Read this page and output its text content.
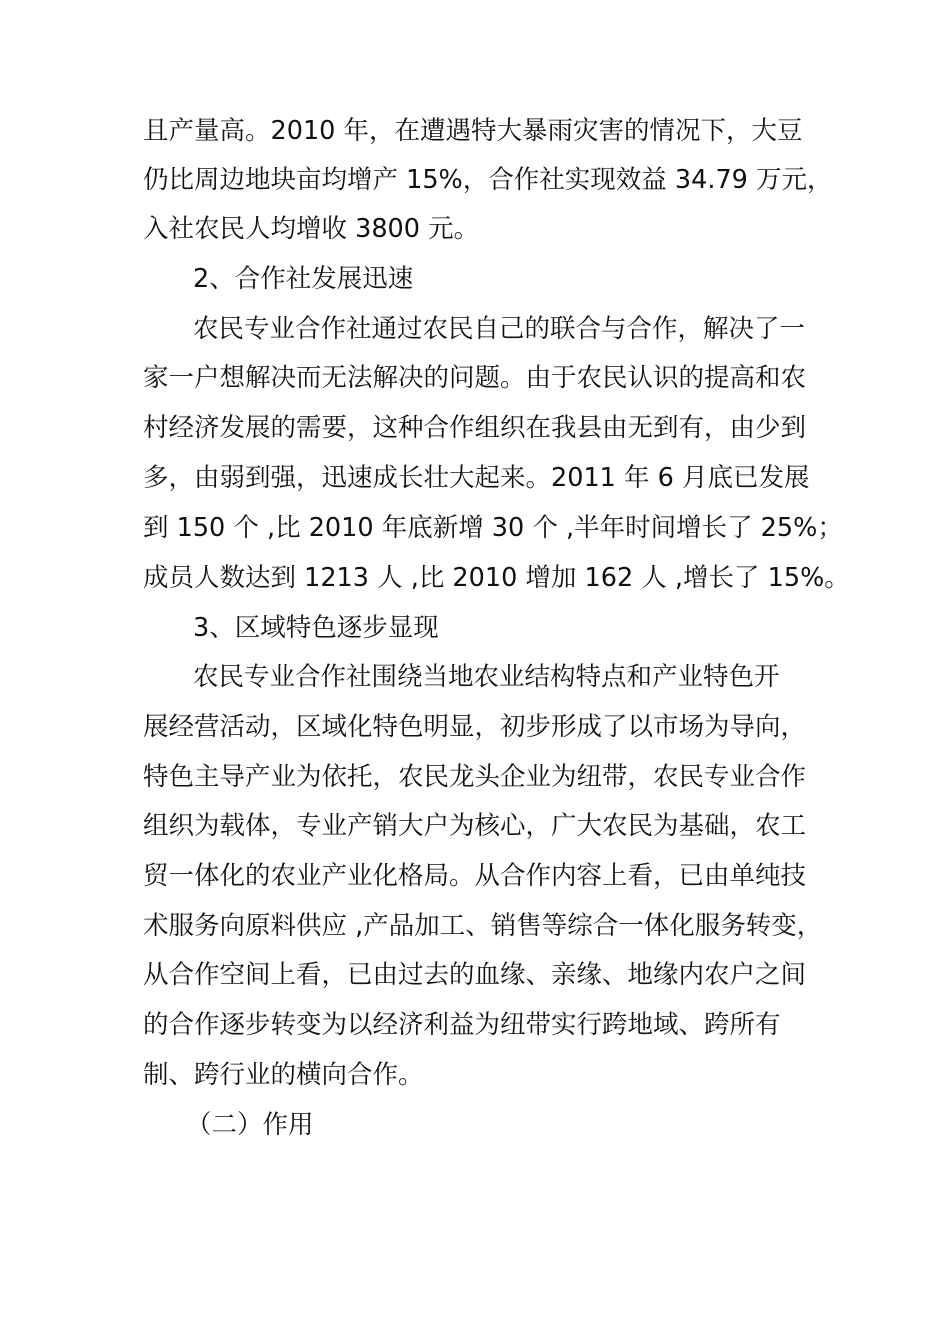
且产量高。2010 年，在遭遇特大暴雨灾害的情况下，大豆
仍比周边地块亩均增产 15%，合作社实现效益 34.79 万元，
入社农民人均增收 3800 元。
2、合作社发展迅速
农民专业合作社通过农民自己的联合与合作，解决了一
家一户想解决而无法解决的问题。由于农民认识的提高和农
村经济发展的需要，这种合作组织在我县由无到有，由少到
多，由弱到强，迅速成长壮大起来。2011 年 6 月底已发展
到 150 个 ,比 2010 年底新增 30 个 ,半年时间增长了 25%；
成员人数达到 1213 人 ,比 2010 增加 162 人 ,增长了 15%。
3、区域特色逐步显现
农民专业合作社围绕当地农业结构特点和产业特色开
展经营活动，区域化特色明显，初步形成了以市场为导向，
特色主导产业为依托，农民龙头企业为纽带，农民专业合作
组织为载体，专业产销大户为核心，广大农民为基础，农工
贸一体化的农业产业化格局。从合作内容上看，已由单纯技
术服务向原料供应 ,产品加工、销售等综合一体化服务转变，
从合作空间上看，已由过去的血缘、亲缘、地缘内农户之间
的合作逐步转变为以经济利益为纽带实行跨地域、跨所有
制、跨行业的横向合作。
（二）作用
